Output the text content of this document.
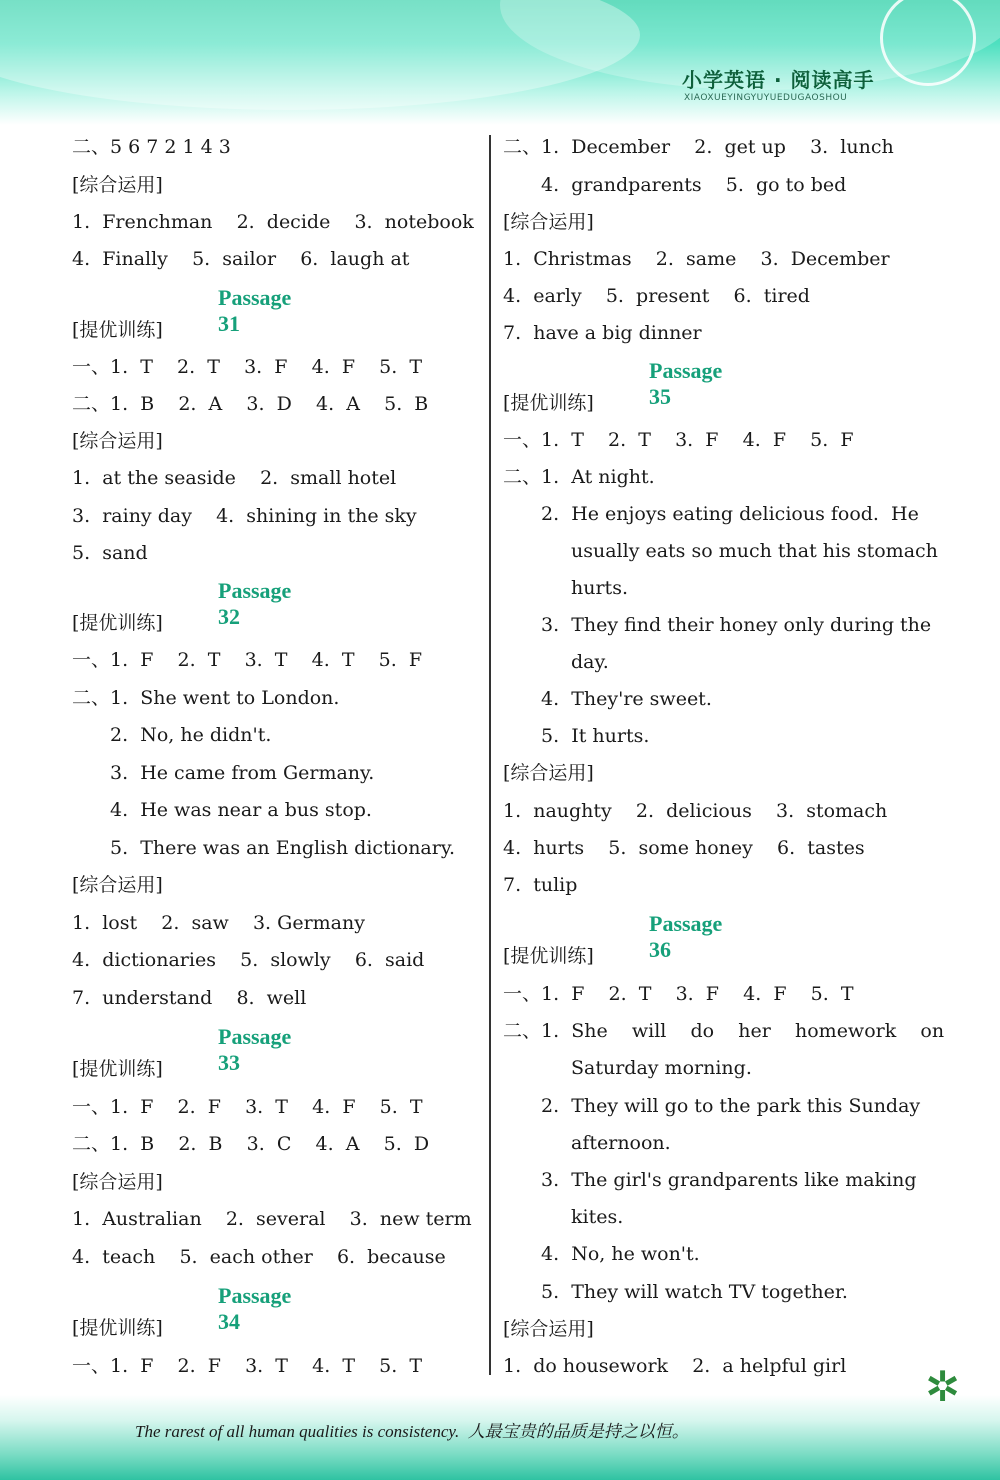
小学英语 · 阅读高手
XIAOXUEYINGYUYUEDUGAOSHOU
二、5 6 7 2 1 4 3
[综合运用]
1.  Frenchman    2.  decide    3.  notebook
4.  Finally    5.  sailor    6.  laugh at
Passage 31
[提优训练]
一、1.  T    2.  T    3.  F    4.  F    5.  T
二、1.  B    2.  A    3.  D    4.  A    5.  B
[综合运用]
1.  at the seaside    2.  small hotel
3.  rainy day    4.  shining in the sky
5.  sand
Passage 32
[提优训练]
一、1.  F    2.  T    3.  T    4.  T    5.  F
二、1.  She went to London.
2.  No, he didn't.
3.  He came from Germany.
4.  He was near a bus stop.
5.  There was an English dictionary.
[综合运用]
1.  lost    2.  saw    3. Germany
4.  dictionaries    5.  slowly    6.  said
7.  understand    8.  well
Passage 33
[提优训练]
一、1.  F    2.  F    3.  T    4.  F    5.  T
二、1.  B    2.  B    3.  C    4.  A    5.  D
[综合运用]
1.  Australian    2.  several    3.  new term
4.  teach    5.  each other    6.  because
Passage 34
[提优训练]
一、1.  F    2.  F    3.  T    4.  T    5.  T
二、1.  December    2.  get up    3.  lunch
4.  grandparents    5.  go to bed
[综合运用]
1.  Christmas    2.  same    3.  December
4.  early    5.  present    6.  tired
7.  have a big dinner
Passage 35
[提优训练]
一、1.  T    2.  T    3.  F    4.  F    5.  F
二、1.  At night.
2.  He enjoys eating delicious food.  He
usually eats so much that his stomach
hurts.
3.  They find their honey only during the
day.
4.  They're sweet.
5.  It hurts.
[综合运用]
1.  naughty    2.  delicious    3.  stomach
4.  hurts    5.  some honey    6.  tastes
7.  tulip
Passage 36
[提优训练]
一、1.  F    2.  T    3.  F    4.  F    5.  T
二、1.  She    will    do    her    homework    on
Saturday morning.
2.  They will go to the park this Sunday
afternoon.
3.  The girl's grandparents like making
kites.
4.  No, he won't.
5.  They will watch TV together.
[综合运用]
1.  do housework    2.  a helpful girl
The rarest of all human qualities is consistency.  人最宝贵的品质是持之以恒。
✲
